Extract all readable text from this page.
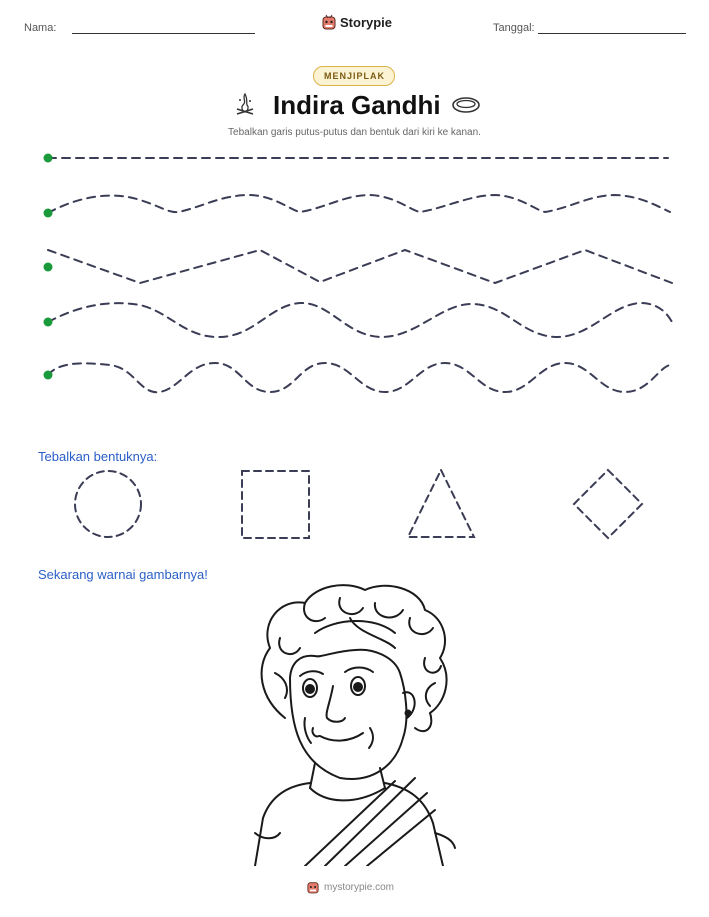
Nama:	Storypie	Tanggal:
MENJIPLAK
Indira Gandhi
Tebalkan garis putus-putus dan bentuk dari kiri ke kanan.
Tebalkan bentuknya:
Sekarang warnai gambarnya!
mystorypie.com
